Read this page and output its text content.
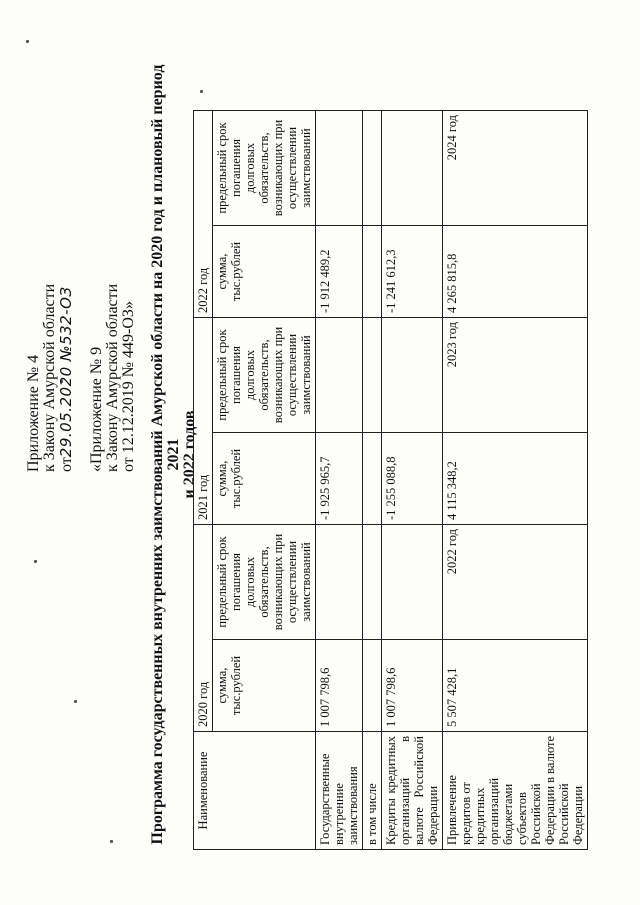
Приложение № 4 к Закону Амурской области от29.05.2020 №532-ОЗ «Приложение № 9 к Закону Амурской области от 12.12.2019 № 449-ОЗ» Программа государственных внутренних заимствований Амурской области на 2020 год и плановый период 2021 и 2022 годов
Наименование	2020 год		2021 год		2022 год	
	сумма, тыс.рублей	предельный срок погашения долговых обязательств, возникающих при осуществлении заимствований	сумма, тыс.рублей	предельный срок погашения долговых обязательств, возникающих при осуществлении заимствований	сумма, тыс.рублей	предельный срок погашения долговых обязательств, возникающих при осуществлении заимствований
Государственные внутренние заимствования	1 007 798,6		-1 925 965,7		-1 912 489,2	
в том числе						
Кредиты кредитных организаций в валюте Российской Федерации	1 007 798,6		-1 255 088,8		-1 241 612,3	
Привлечение кредитов от кредитных организаций бюджетами субъектов Российской Федерации в валюте Российской Федерации	5 507 428,1	2022 год	4 115 348,2	2023 год	4 265 815,8	2024 год
